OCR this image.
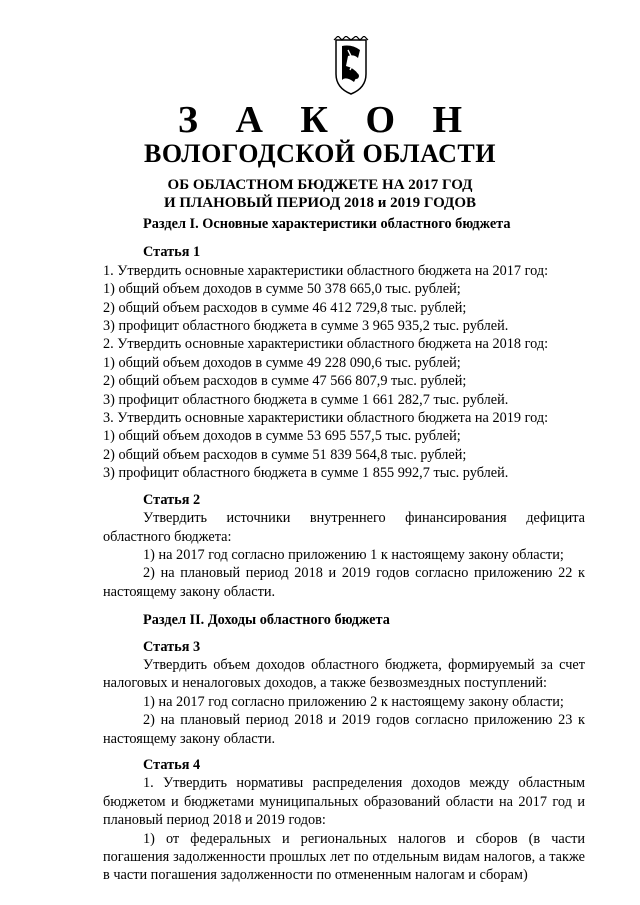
З А К О Н
ВОЛОГОДСКОЙ ОБЛАСТИ
ОБ ОБЛАСТНОМ БЮДЖЕТЕ НА 2017 ГОД
И ПЛАНОВЫЙ ПЕРИОД 2018 и 2019 ГОДОВ
Раздел I. Основные характеристики областного бюджета
Статья 1

1. Утвердить основные характеристики областного бюджета на 2017 год:

1) общий объем доходов в сумме 50 378 665,0 тыс. рублей;

2) общий объем расходов в сумме 46 412 729,8 тыс. рублей;

3) профицит областного бюджета в сумме 3 965 935,2 тыс. рублей.

2. Утвердить основные характеристики областного бюджета на 2018 год:

1) общий объем доходов в сумме 49 228 090,6 тыс. рублей;

2) общий объем расходов в сумме 47 566 807,9 тыс. рублей;

3) профицит областного бюджета в сумме 1 661 282,7 тыс. рублей.

3. Утвердить основные характеристики областного бюджета на 2019 год:

1) общий объем доходов в сумме 53 695 557,5 тыс. рублей;

2) общий объем расходов в сумме 51 839 564,8 тыс. рублей;

3) профицит областного бюджета в сумме 1 855 992,7 тыс. рублей.

Статья 2

Утвердить источники внутреннего финансирования дефицита областного бюджета:

1) на 2017 год согласно приложению 1 к настоящему закону области;

2) на плановый период 2018 и 2019 годов согласно приложению 22 к настоящему закону области.

Раздел II. Доходы областного бюджета
Статья 3

Утвердить объем доходов областного бюджета, формируемый за счет налоговых и неналоговых доходов, а также безвозмездных поступлений:

1) на 2017 год согласно приложению 2 к настоящему закону области;

2) на плановый период 2018 и 2019 годов согласно приложению 23 к настоящему закону области.

Статья 4

1. Утвердить нормативы распределения доходов между областным бюджетом и бюджетами муниципальных образований области на 2017 год и плановый период 2018 и 2019 годов:

1) от федеральных и региональных налогов и сборов (в части погашения задолженности прошлых лет по отдельным видам налогов, а также в части погашения задолженности по отмененным налогам и сборам)
